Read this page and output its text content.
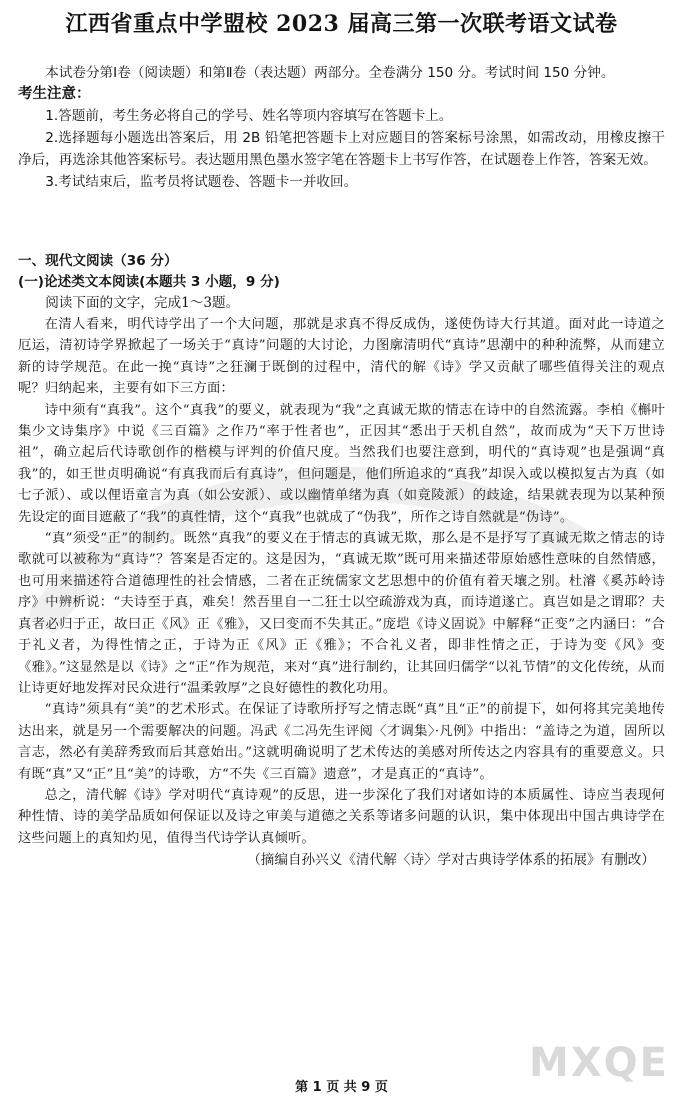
江西省重点中学盟校 2023 届高三第一次联考语文试卷

本试卷分第Ⅰ卷（阅读题）和第Ⅱ卷（表达题）两部分。全卷满分 150 分。考试时间 150 分钟。

考生注意：

1.答题前，考生务必将自己的学号、姓名等项内容填写在答题卡上。

2.选择题每小题选出答案后，用 2B 铅笔把答题卡上对应题目的答案标号涂黑，如需改动，用橡皮擦干净后，再选涂其他答案标号。表达题用黑色墨水签字笔在答题卡上书写作答，在试题卷上作答，答案无效。

3.考试结束后，监考员将试题卷、答题卡一并收回。

一、现代文阅读（36 分）

(一)论述类文本阅读(本题共 3 小题，9 分)

阅读下面的文字，完成1～3题。

在清人看来，明代诗学出了一个大问题，那就是求真不得反成伪，遂使伪诗大行其道。面对此一诗道之厄运，清初诗学界掀起了一场关于“真诗”问题的大讨论，力图廓清明代“真诗”思潮中的种种流弊，从而建立新的诗学规范。在此一挽“真诗”之狂澜于既倒的过程中，清代的解《诗》学又贡献了哪些值得关注的观点呢？归纳起来，主要有如下三方面：

诗中须有“真我”。这个“真我”的要义，就表现为“我”之真诚无欺的情志在诗中的自然流露。李柏《槲叶集少文诗集序》中说《三百篇》之作乃“率于性者也”，正因其“悉出于天机自然”，故而成为“天下万世诗祖”，确立起后代诗歌创作的楷模与评判的价值尺度。当然我们也要注意到，明代的“真诗观”也是强调“真我”的，如王世贞明确说“有真我而后有真诗”，但问题是，他们所追求的“真我”却误入或以模拟复古为真（如七子派）、或以俚语童言为真（如公安派）、或以幽情单绪为真（如竟陵派）的歧途，结果就表现为以某种预先设定的面目遮蔽了“我”的真性情，这个“真我”也就成了“伪我”，所作之诗自然就是“伪诗”。

“真”须受“正”的制约。既然“真我”的要义在于情志的真诚无欺，那么是不是抒写了真诚无欺之情志的诗歌就可以被称为“真诗”？答案是否定的。这是因为，“真诚无欺”既可用来描述带原始感性意味的自然情感，也可用来描述符合道德理性的社会情感，二者在正统儒家文艺思想中的价值有着天壤之别。杜濬《奚苏岭诗序》中辨析说：“夫诗至于真，难矣！然吾里自一二狂士以空疏游戏为真，而诗道遂亡。真岂如是之谓耶？夫真者必归于正，故曰正《风》正《雅》，又曰变而不失其正。”庞垲《诗义固说》中解释“正变”之内涵曰：“合于礼义者，为得性情之正，于诗为正《风》正《雅》；不合礼义者，即非性情之正，于诗为变《风》变《雅》。”这显然是以《诗》之“正”作为规范，来对“真”进行制约，让其回归儒学“以礼节情”的文化传统，从而让诗更好地发挥对民众进行“温柔敦厚”之良好德性的教化功用。

“真诗”须具有“美”的艺术形式。在保证了诗歌所抒写之情志既“真”且“正”的前提下，如何将其完美地传达出来，就是另一个需要解决的问题。冯武《二冯先生评阅〈才调集〉·凡例》中指出：“盖诗之为道，固所以言志，然必有美辞秀致而后其意始出。”这就明确说明了艺术传达的美感对所传达之内容具有的重要意义。只有既“真”又“正”且“美”的诗歌，方“不失《三百篇》遗意”，才是真正的“真诗”。

总之，清代解《诗》学对明代“真诗观”的反思，进一步深化了我们对诸如诗的本质属性、诗应当表现何种性情、诗的美学品质如何保证以及诗之审美与道德之关系等诸多问题的认识，集中体现出中国古典诗学在这些问题上的真知灼见，值得当代诗学认真倾听。

（摘编自孙兴义《清代解〈诗〉学对古典诗学体系的拓展》有删改）

MXQE
第 1 页 共 9 页
